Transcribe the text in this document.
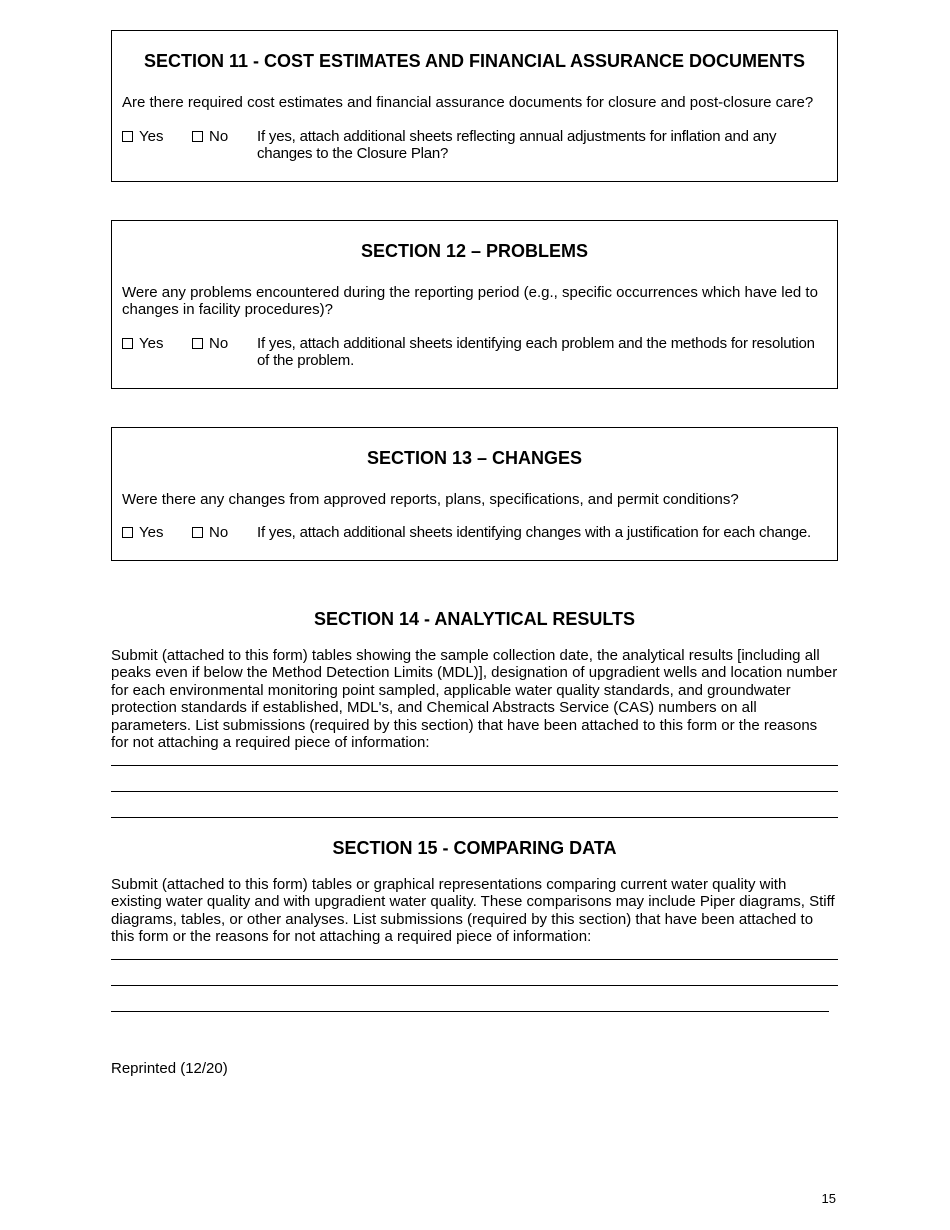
SECTION 11 - COST ESTIMATES AND FINANCIAL ASSURANCE DOCUMENTS

Are there required cost estimates and financial assurance documents for closure and post-closure care?

Yes	No	If yes, attach additional sheets reflecting annual adjustments for inflation and any changes to the Closure Plan?
SECTION 12 – PROBLEMS

Were any problems encountered during the reporting period (e.g., specific occurrences which have led to changes in facility procedures)?

Yes	No	If yes, attach additional sheets identifying each problem and the methods for resolution of the problem.
SECTION 13 – CHANGES

Were there any changes from approved reports, plans, specifications, and permit conditions?

Yes	No	If yes, attach additional sheets identifying changes with a justification for each change.
SECTION 14 - ANALYTICAL RESULTS

Submit (attached to this form) tables showing the sample collection date, the analytical results [including all peaks even if below the Method Detection Limits (MDL)], designation of upgradient wells and location number for each environmental monitoring point sampled, applicable water quality standards, and groundwater protection standards if established, MDL's, and Chemical Abstracts Service (CAS) numbers on all parameters. List submissions (required by this section) that have been attached to this form or the reasons for not attaching a required piece of information:

SECTION 15 - COMPARING DATA

Submit (attached to this form) tables or graphical representations comparing current water quality with existing water quality and with upgradient water quality. These comparisons may include Piper diagrams, Stiff diagrams, tables, or other analyses. List submissions (required by this section) that have been attached to this form or the reasons for not attaching a required piece of information:

Reprinted (12/20)
15
